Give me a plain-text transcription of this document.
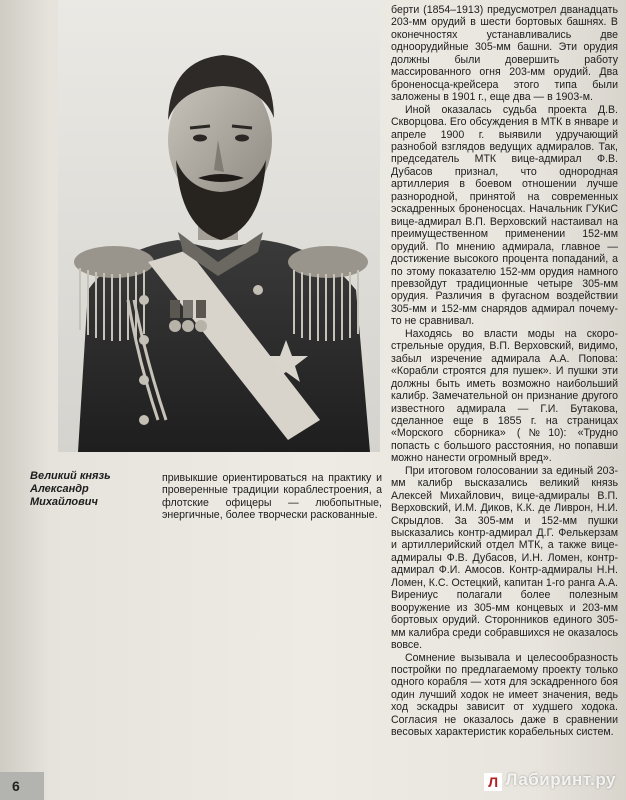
Великий князь
Александр
Михайлович

привыкшие ориентироваться на практику и проверенные традиции кораблестроения, а флотские офицеры — любопытные, энергичные, более творчески раскованные.

берти (1854–1913) предусмотрел дванадцать 203-мм орудий в шести бортовых башнях. В оконечностях устанавливались две одноорудийные 305-мм башни. Эти орудия должны были довершить работу массированного огня 203-мм орудий. Два броненосца-крейсера этого типа были заложены в 1901 г., еще два — в 1903-м.

Иной оказалась судьба проекта Д.В. Скворцова. Его обсуждения в МТК в январе и апреле 1900 г. выявили удручающий разнобой взглядов ведущих адмиралов. Так, председатель МТК вице-адмирал Ф.В. Дубасов признал, что однородная артиллерия в боевом отношении лучше разнородной, принятой на современных эскадренных броненосцах. Начальник ГУКиС вице-адмирал В.П. Верховский настаивал на преимущественном применении 152-мм орудий. По мнению адмирала, главное — достижение высокого процента попаданий, а по этому показателю 152-мм орудия намного превзойдут традиционные четыре 305-мм орудия. Различия в фугасном воздействии 305-мм и 152-мм снарядов адмирал почему-то не сравнивал.

Находясь во власти моды на скорострельные орудия, В.П. Верховский, видимо, забыл изречение адмирала А.А. Попова: «Корабли строятся для пушек». И пушки эти должны быть иметь возможно наибольший калибр. Замечательной он признание другого известного адмирала — Г.И. Бутакова, сделанное еще в 1855 г. на страницах «Морского сборника» (№10): «Трудно попасть с большого расстояния, но попавши можно нанести огромный вред».

При итоговом голосовании за единый 203-мм калибр высказались великий князь Алексей Михайлович, вице-адмиралы В.П. Верховский, И.М. Диков, К.К. де Ливрон, Н.И. Скрыдлов. За 305-мм и 152-мм пушки высказались контр-адмирал Д.Г. Фелькерзам и артиллерийский отдел МТК, а также вице-адмиралы Ф.В. Дубасов, И.Н. Ломен, контр-адмирал Ф.И. Амосов. Контр-адмиралы Н.Н. Ломен, К.С. Остецкий, капитан 1-го ранга А.А. Вирениус полагали более полезным вооружение из 305-мм концевых и 203-мм бортовых орудий. Сторонников единого 305-мм калибра среди собравшихся не оказалось вовсе.

Сомнение вызывала и целесообразность постройки по предлагаемому проекту только одного корабля — хотя для эскадренного боя один лучший ходок не имеет значения, ведь ход эскадры зависит от худшего ходока. Согласия не оказалось даже в сравнении весовых характеристик корабельных систем.

6	Л Лабиринт.ру
